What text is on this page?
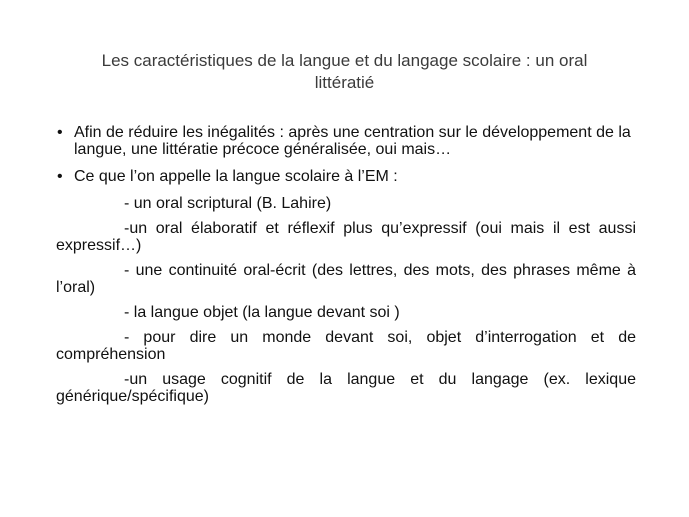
Les caractéristiques de la langue et du langage scolaire : un oral
littératié
• Afin de réduire les inégalités : après une centration sur le développement de la langue, une littératie précoce généralisée, oui mais…
• Ce que l’on appelle la langue scolaire à l’EM :
- un oral scriptural (B. Lahire)
-un oral élaboratif et réflexif plus qu’expressif (oui mais il est aussi expressif…)
- une continuité oral-écrit (des lettres, des mots, des phrases même à l’oral)
- la langue objet (la langue devant soi )
- pour dire un monde devant soi, objet d’interrogation et de compréhension
-un usage cognitif de la langue et du langage (ex. lexique générique/spécifique)
